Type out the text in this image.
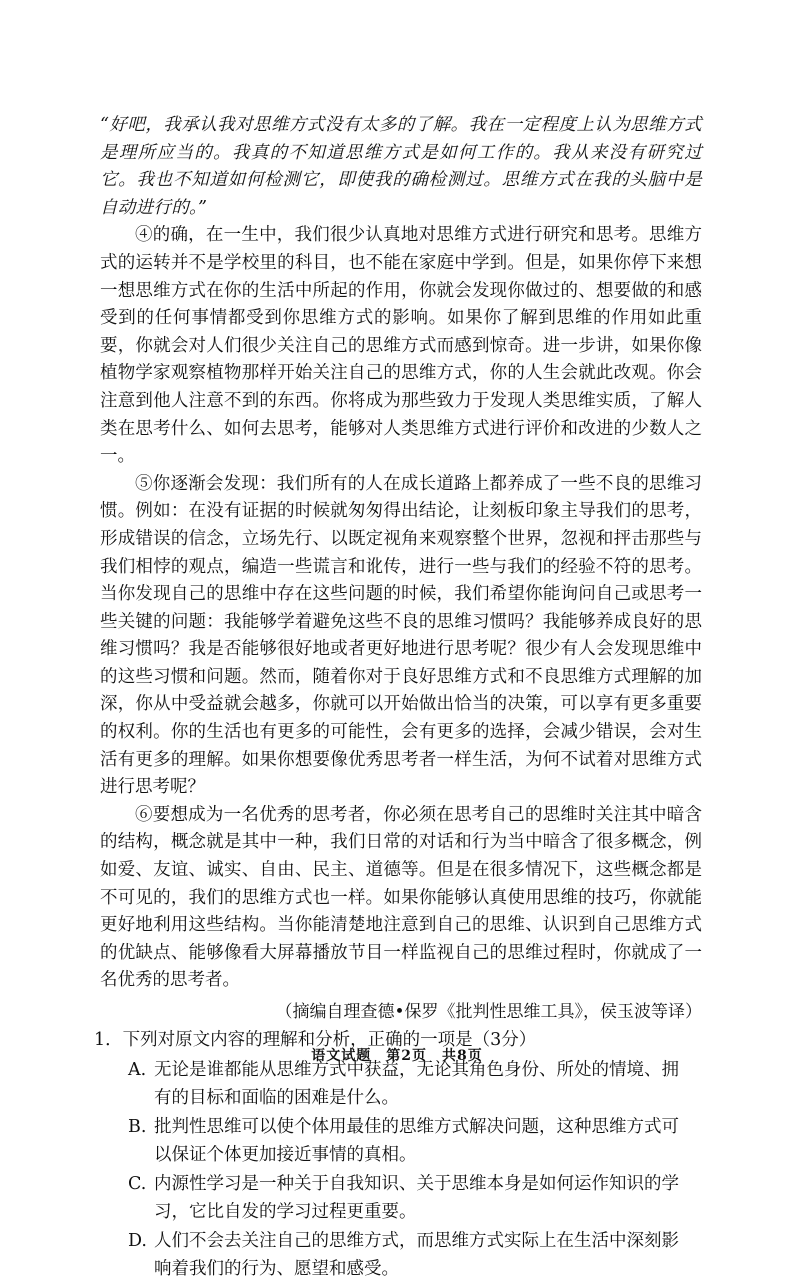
“好吧，我承认我对思维方式没有太多的了解。我在一定程度上认为思维方式是理所应当的。我真的不知道思维方式是如何工作的。我从来没有研究过它。我也不知道如何检测它，即使我的确检测过。思维方式在我的头脑中是自动进行的。”

④的确，在一生中，我们很少认真地对思维方式进行研究和思考。思维方式的运转并不是学校里的科目，也不能在家庭中学到。但是，如果你停下来想一想思维方式在你的生活中所起的作用，你就会发现你做过的、想要做的和感受到的任何事情都受到你思维方式的影响。如果你了解到思维的作用如此重要，你就会对人们很少关注自己的思维方式而感到惊奇。进一步讲，如果你像植物学家观察植物那样开始关注自己的思维方式，你的人生会就此改观。你会注意到他人注意不到的东西。你将成为那些致力于发现人类思维实质，了解人类在思考什么、如何去思考，能够对人类思维方式进行评价和改进的少数人之一。

⑤你逐渐会发现：我们所有的人在成长道路上都养成了一些不良的思维习惯。例如：在没有证据的时候就匆匆得出结论，让刻板印象主导我们的思考，形成错误的信念，立场先行、以既定视角来观察整个世界，忽视和抨击那些与我们相悖的观点，编造一些谎言和讹传，进行一些与我们的经验不符的思考。当你发现自己的思维中存在这些问题的时候，我们希望你能询问自己或思考一些关键的问题：我能够学着避免这些不良的思维习惯吗？我能够养成良好的思维习惯吗？我是否能够很好地或者更好地进行思考呢？很少有人会发现思维中的这些习惯和问题。然而，随着你对于良好思维方式和不良思维方式理解的加深，你从中受益就会越多，你就可以开始做出恰当的决策，可以享有更多重要的权利。你的生活也有更多的可能性，会有更多的选择，会减少错误，会对生活有更多的理解。如果你想要像优秀思考者一样生活，为何不试着对思维方式进行思考呢？

⑥要想成为一名优秀的思考者，你必须在思考自己的思维时关注其中暗含的结构，概念就是其中一种，我们日常的对话和行为当中暗含了很多概念，例如爱、友谊、诚实、自由、民主、道德等。但是在很多情况下，这些概念都是不可见的，我们的思维方式也一样。如果你能够认真使用思维的技巧，你就能更好地利用这些结构。当你能清楚地注意到自己的思维、认识到自己思维方式的优缺点、能够像看大屏幕播放节目一样监视自己的思维过程时，你就成了一名优秀的思考者。

（摘编自理查德•保罗《批判性思维工具》，侯玉波等译）

1．下列对原文内容的理解和分析，正确的一项是（3分）

A. 无论是谁都能从思维方式中获益，无论其角色身份、所处的情境、拥有的目标和面临的困难是什么。
B. 批判性思维可以使个体用最佳的思维方式解决问题，这种思维方式可以保证个体更加接近事情的真相。
C. 内源性学习是一种关于自我知识、关于思维本身是如何运作知识的学习，它比自发的学习过程更重要。
D. 人们不会去关注自己的思维方式，而思维方式实际上在生活中深刻影响着我们的行为、愿望和感受。
语文试题　第2页　共8页
